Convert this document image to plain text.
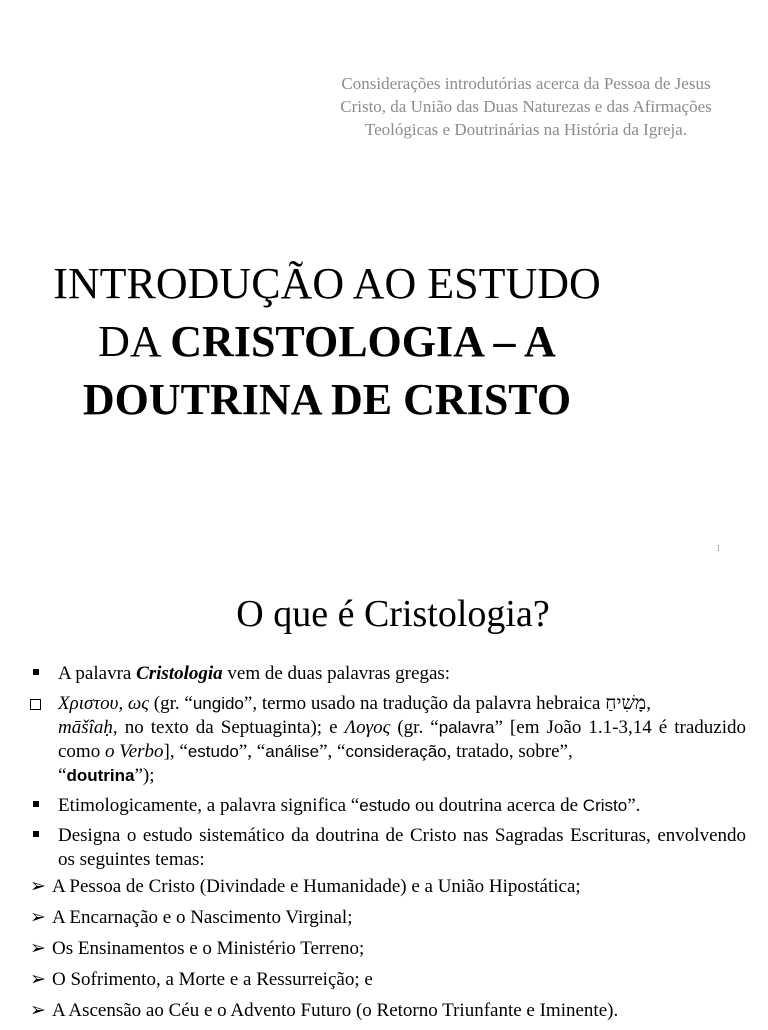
Considerações introdutórias acerca da Pessoa de Jesus
Cristo, da União das Duas Naturezas e das Afirmações
Teológicas e Doutrinárias na História da Igreja.
INTRODUÇÃO AO ESTUDO
DA CRISTOLOGIA – A
DOUTRINA DE CRISTO
1
O que é Cristologia?
A palavra Cristologia vem de duas palavras gregas:
Χριστου, ως (gr. “ungido”, termo usado na tradução da palavra hebraica מָשִׁיחַ,
māšîaḥ, no texto da Septuaginta); e Λογος (gr. “palavra” [em João 1.1-3,14 é traduzido como o Verbo], “estudo”, “análise”, “consideração, tratado, sobre”,
“doutrina”);
Etimologicamente, a palavra significa “estudo ou doutrina acerca de Cristo”.
Designa o estudo sistemático da doutrina de Cristo nas Sagradas Escrituras, envolvendo os seguintes temas:
➢ A Pessoa de Cristo (Divindade e Humanidade) e a União Hipostática;
➢ A Encarnação e o Nascimento Virginal;
➢ Os Ensinamentos e o Ministério Terreno;
➢ O Sofrimento, a Morte e a Ressurreição; e
➢ A Ascensão ao Céu e o Advento Futuro (o Retorno Triunfante e Iminente).
